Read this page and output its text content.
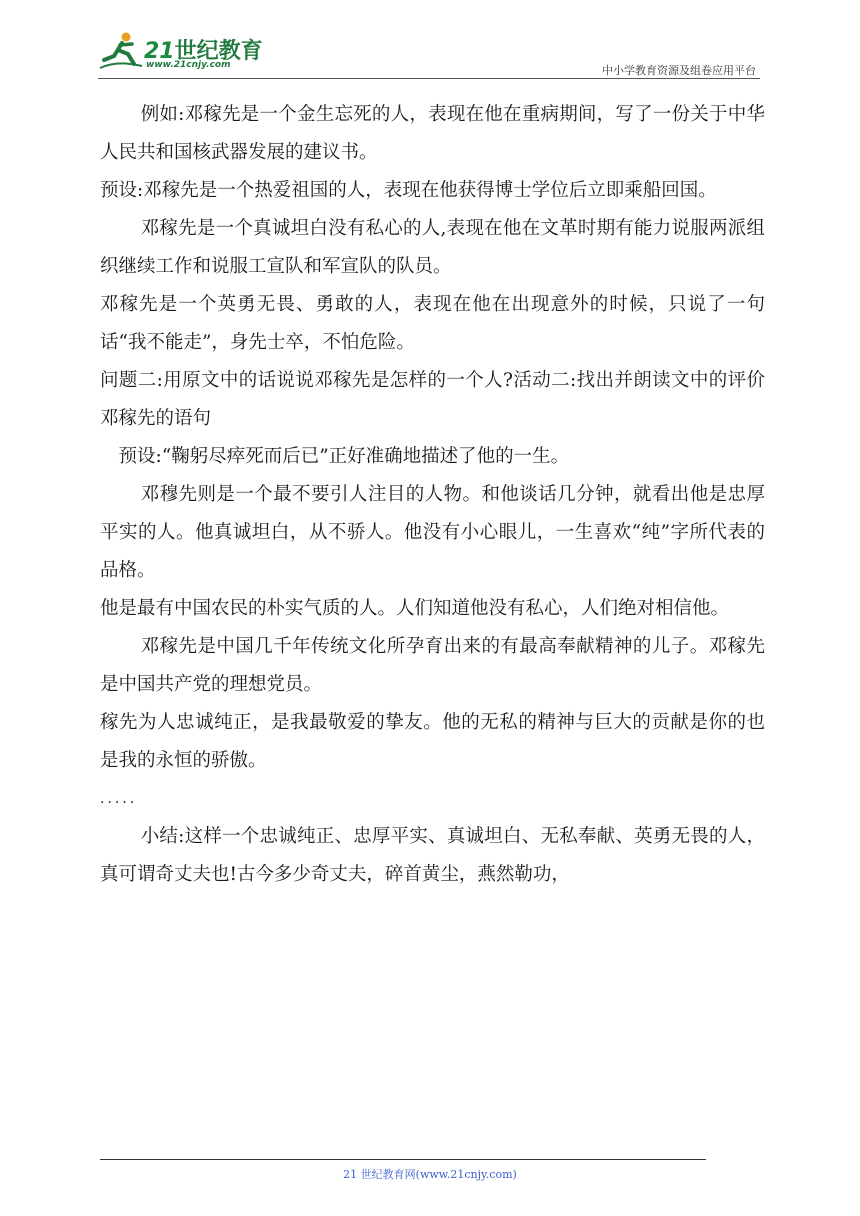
21世纪教育
www.21cnjy.com	中小学教育资源及组卷应用平台

例如:邓稼先是一个金生忘死的人，表现在他在重病期间，写了一份关于中华人民共和国核武器发展的建议书。

预设:邓稼先是一个热爱祖国的人，表现在他获得博士学位后立即乘船回国。

邓稼先是一个真诚坦白没有私心的人,表现在他在文革时期有能力说服两派组织继续工作和说服工宣队和军宣队的队员。

邓稼先是一个英勇无畏、勇敢的人，表现在他在出现意外的时候，只说了一句话“我不能走”，身先士卒，不怕危险。

问题二:用原文中的话说说邓稼先是怎样的一个人?活动二:找出并朗读文中的评价邓稼先的语句

预设:“鞠躬尽瘁死而后已”正好准确地描述了他的一生。

邓穆先则是一个最不要引人注目的人物。和他谈话几分钟，就看出他是忠厚平实的人。他真诚坦白，从不骄人。他没有小心眼儿，一生喜欢“纯”字所代表的品格。

他是最有中国农民的朴实气质的人。人们知道他没有私心，人们绝对相信他。

邓稼先是中国几千年传统文化所孕育出来的有最高奉献精神的儿子。邓稼先是中国共产党的理想党员。

稼先为人忠诚纯正，是我最敬爱的挚友。他的无私的精神与巨大的贡献是你的也是我的永恒的骄傲。

.....

小结:这样一个忠诚纯正、忠厚平实、真诚坦白、无私奉献、英勇无畏的人，真可谓奇丈夫也!古今多少奇丈夫，碎首黄尘，燕然勒功，

21 世纪教育网(www.21cnjy.com)
